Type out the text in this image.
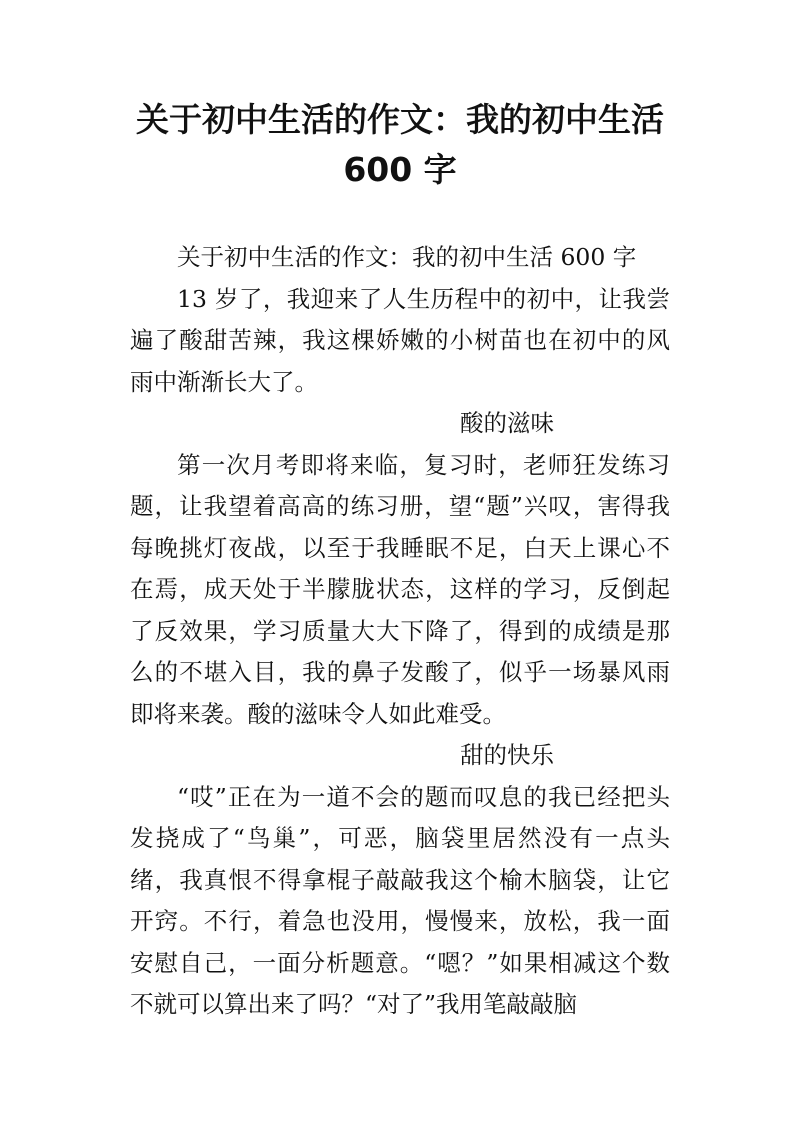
关于初中生活的作文：我的初中生活
600 字

关于初中生活的作文：我的初中生活 600 字

13 岁了，我迎来了人生历程中的初中，让我尝遍了酸甜苦辣，我这棵娇嫩的小树苗也在初中的风雨中渐渐长大了。

酸的滋味

第一次月考即将来临，复习时，老师狂发练习题，让我望着高高的练习册，望“题”兴叹，害得我每晚挑灯夜战，以至于我睡眠不足，白天上课心不在焉，成天处于半朦胧状态，这样的学习，反倒起了反效果，学习质量大大下降了，得到的成绩是那么的不堪入目，我的鼻子发酸了，似乎一场暴风雨即将来袭。酸的滋味令人如此难受。

甜的快乐

“哎”正在为一道不会的题而叹息的我已经把头发挠成了“鸟巢”，可恶，脑袋里居然没有一点头绪，我真恨不得拿棍子敲敲我这个榆木脑袋，让它开窍。不行，着急也没用，慢慢来，放松，我一面安慰自己，一面分析题意。“嗯？”如果相减这个数不就可以算出来了吗？“对了”我用笔敲敲脑
